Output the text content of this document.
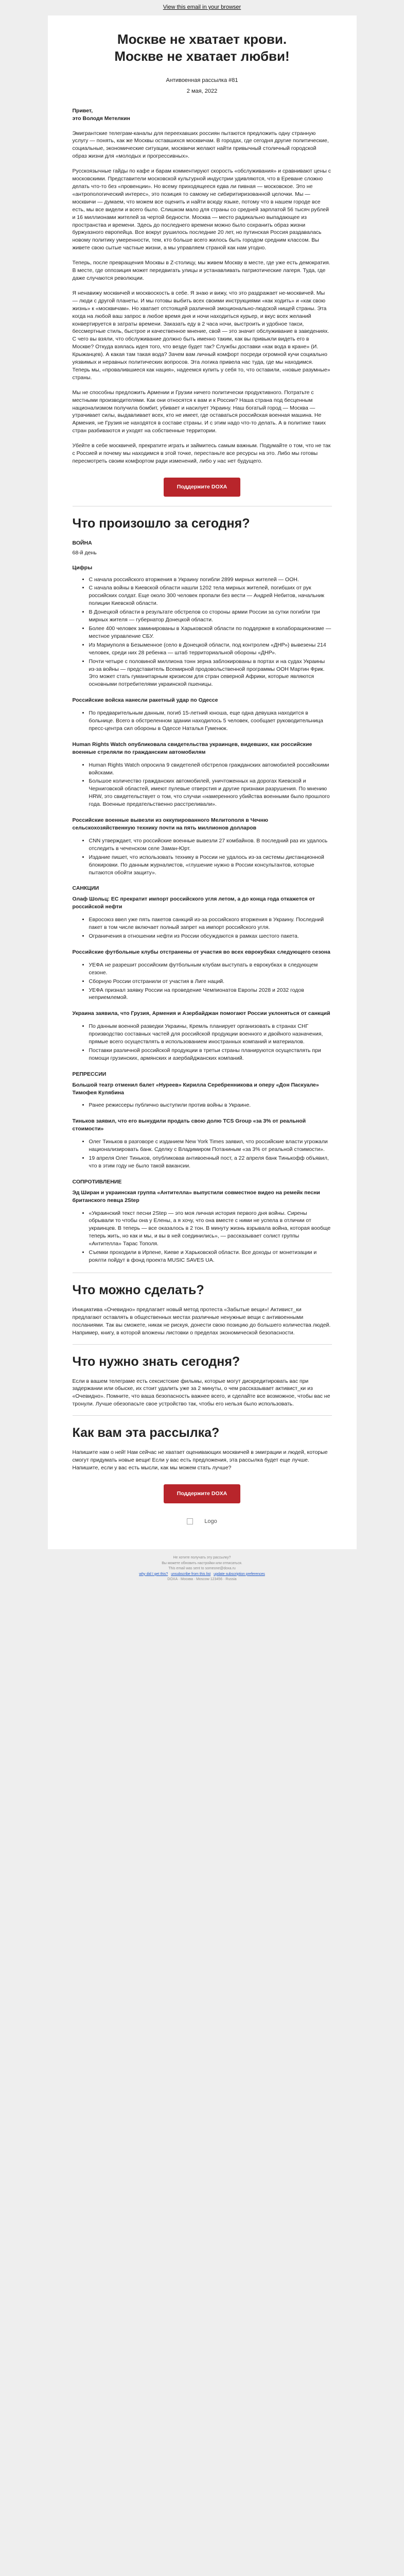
View this email in your browser
Москве не хватает крови.
Москве не хватает любви!
Антивоенная рассылка #81
2 мая, 2022

Привет,
это Володя Метелкин

Эмигрантские телеграм-каналы для переехавших россиян пытаются предложить одну странную услугу — понять, как же Москвы оставшихся москвичам. В городах, где сегодня другие политические, социальные, экономические ситуации, москвичи желают найти привычный столичный городской образ жизни для «молодых и прогрессивных».

Русскоязычные гайды по кафе и барам комментируют скорость «обслуживания» и сравнивают цены с московскими. Представители московской культурной индустрии удивляются, что в Ереване сложно делать что-то без «провенции». Но всему приходящееся едва ли пивная — московское. Это не «антропологический интерес», это позиция то самому не сибиритиризованной целочки. Мы — москвичи — думаем, что можем все оценить и найти всюду языке, потому что в нашем городе все есть, мы все видели и всего было. Слишком мало для страны со средней зарплатой 56 тысяч рублей и 16 миллионами жителей за чертой бедности. Москва — место радикально выпадающее из пространства и времени. Здесь до последнего времени можно было сохранить образ жизни буржуазного европейца. Все вокруг рушилось последние 20 лет, но путинская Россия раздавалась новому политику умеренности, тем, кто больше всего жилось быть городом средним классом. Вы живете свою сытые частные жизни, а мы управляем страной как нам угодно.

Теперь, после превращения Москвы в Z-столицу, мы живем Москву в месте, где уже есть демократия. В месте, где оппозиция может передвигать улицы и устанавливать патриотические лагеря. Туда, где даже случаются революции.

Я ненавижу москвичей и москвоскость в себе. Я знаю и вижу, что это раздражает не-москвичей. Мы — люди с другой планеты. И мы готовы выбить всех своими инструкциями «как ходить» и «как свою жизнь» к «москвичам». Но хватает отстоящей различной эмоционально-людской нищей страны. Эта когда на любой ваш запрос в любое время дня и ночи находиться курьер, и вкус всех желаний конвертируется в затраты времени. Заказать еду в 2 часа ночи, выстроить и удобное такси, бессмертные стиль, быстрое и качественное мнение, свой — это значит обслуживание в заведениях. С чего вы взяли, что обслуживание должно быть именно таким, как вы привыкли видеть его в Москве? Откуда взялась идея того, что везде будет так? Службы доставки «как вода в кране» (И. Крыжанцев). А какая там такая вода? Зачем вам личный комфорт посреди огромной кучи социально уязвимых и неравных политических вопросов. Эта логика привела нас туда, где мы находимся. Теперь мы, «провалившиеся как нация», надеемся купить у себя то, что оставили, «новые разумные» страны.

Мы не способны предложить Армении и Грузии ничего политически продуктивного. Потратьте с местными производителями. Как они относятся к вам и к России? Наша страна под бесценным национализмом получила бомбит, убивает и насилует Украину. Наш богатый город — Москва — утрачивает силы, выдавливает всех, кто не имеет, где оставаться российская военная машина. Не Армения, не Грузия не находятся в составе страны. И с этим надо что-то делать. А в политике таких стран разбиваются и уходят на собственные территории.

Убейте в себе москвичей, прекратите играть и займитесь самым важным. Подумайте о том, что не так с Россией и почему мы находимся в этой точке, перестаньте все ресурсы на это. Либо мы готовы пересмотреть своим комфортом ради изменений, либо у нас нет будущего.

Поддержите DOXA
Что произошло за сегодня?
ВОЙНА
68-й день
Цифры
• С начала российского вторжения в Украину погибли 2899 мирных жителей — ООН.
• С начала войны в Киевской области нашли 1202 тела мирных жителей, погибших от рук российских солдат. Еще около 300 человек пропали без вести — Андрей Небитов, начальник полиции Киевской области.
• В Донецкой области в результате обстрелов со стороны армии России за сутки погибли три мирных жителя — губернатор Донецкой области.
• Более 400 человек заминированы в Харьковской области по поддержке в колаборационизме — местное управление СБУ.
• Из Мариуполя в Безыменное (село в Донецкой области, под контролем «ДНР») вывезены 214 человек, среди них 28 ребенка — штаб территориальной обороны «ДНР».
• Почти четыре с половиной миллиона тонн зерна заблокированы в портах и на судах Украины из-за войны — представитель Всемирной продовольственной программы ООН Мартин Фрик. Это может стать гуманитарным кризисом для стран северной Африки, которые являются основными потребителями украинской пшеницы.
Российские войска нанесли ракетный удар по Одессе
• По предварительным данным, погиб 15-летний юноша, еще одна девушка находится в больнице. Всего в обстреленном здании находилось 5 человек, сообщает руководительница пресс-центра сил обороны в Одессе Наталья Гуменюк.
Human Rights Watch опубликовала свидетельства украинцев, видевших, как российские военные стреляли по гражданским автомобилям
• Human Rights Watch опросила 9 свидетелей обстрелов гражданских автомобилей российскими войсками.
• Большое количество гражданских автомобилей, уничтоженных на дорогах Киевской и Черниговской областей, имеют пулевые отверстия и другие признаки разрушения. По мнению HRW, это свидетельствует о том, что случаи «намеренного убийства военными было прошлого года. Военные предательственно расстреливали».
Российские военные вывезли из оккупированного Мелитополя в Чечню сельскохозяйственную технику почти на пять миллионов долларов
• CNN утверждает, что российские военные вывезли 27 комбайнов. В последний раз их удалось отследить в чеченском селе Заман-Юрт.
• Издание пишет, что использовать технику в России не удалось из-за системы дистанционной блокировки. По данным журналистов, «глушение нужно в России консультантов, которые пытаются обойти защиту».
САНКЦИИ
Олаф Шольц: ЕС прекратит импорт российского угля летом, а до конца года откажется от российской нефти
• Евросоюз ввел уже пять пакетов санкций из-за российского вторжения в Украину. Последний пакет в том числе включает полный запрет на импорт российского угля.
• Ограничения в отношении нефти из России обсуждаются в рамках шестого пакета.
Российские футбольные клубы отстранены от участия во всех еврокубках следующего сезона
• УЕФА не разрешит российским футбольным клубам выступать в еврокубках в следующем сезоне.
• Сборную России отстранили от участия в Лиге наций.
• УЕФА признал заявку России на проведение Чемпионатов Европы 2028 и 2032 годов неприемлемой.
Украина заявила, что Грузия, Армения и Азербайджан помогают России уклоняться от санкций
• По данным военной разведки Украины, Кремль планирует организовать в странах СНГ производство составных частей для российской продукции военного и двойного назначения, прямые всего осуществлять в использованием иностранных компаний и материалов.
• Поставки различной российской продукции в третьи страны планируются осуществлять при помощи грузинских, армянских и азербайджанских компаний.
РЕПРЕССИИ
Большой театр отменил балет «Нуреев» Кирилла Серебренникова и оперу «Дон Паскуале» Тимофея Кулябина
• Ранее режиссеры публично выступили против войны в Украине.
Тиньков заявил, что его вынудили продать свою долю TCS Group «за 3% от реальной стоимости»
• Олег Тиньков в разговоре с изданием New York Times заявил, что российские власти угрожали национализировать банк. Сделку с Владимиром Потаниным «за 3% от реальной стоимости».
• 19 апреля Олег Тиньков, опубликовав антивоенный пост, а 22 апреля банк Тинькофф объявил, что в этим году не было такой вакансии.
СОПРОТИВЛЕНИЕ
Эд Ширан и украинская группа «Антителла» выпустили совместное видео на ремейк песни британского певца 2Step
• «Украинский текст песни 2Step — это моя личная история первого дня войны. Сирены обрывали то чтобы она у Елены, а я хочу, что она вместе с ними не успела в отличии от украинцев. В теперь — все оказалось в 2 тон. В минуту жизнь взрывала война, которая вообще теперь жить, но как и мы, и вы в ней соединились», — рассказывает солист группы «Антителла» Тарас Тополя.
• Съемки проходили в Ирпене, Киеве и Харьковской области. Все доходы от монетизации и роялти пойдут в фонд проекта MUSIC SAVES UA.
Что можно сделать?

Инициатива «Очевидно» предлагает новый метод протеста «Забытые вещи»! Активист_ки предлагают оставлять в общественных местах различные ненужные вещи с антивоенными посланиями. Так вы сможете, никак не рискуя, донести свою позицию до большего количества людей. Например, книгу, в которой вложены листовки о пределах экономической безопасности.

Что нужно знать сегодня?

Если в вашем телеграме есть сексистские фильмы, которые могут дискредитировать вас при задержании или обыске, их стоит удалить уже за 2 минуты, о чем рассказывает активист_ки из «Очевидно». Помните, что ваша безопасность важнее всего, и сделайте все возможное, чтобы вас не тронули. Лучше обезопасьте свое устройство так, чтобы его нельзя было использовать.

Как вам эта рассылка?

Напишите нам о ней! Нам сейчас не хватает оценивающих москвичей в эмиграции и людей, которые смогут придумать новые вещи! Если у вас есть предложения, эта рассылка будет еще лучше. Напишите, если у вас есть мысли, как мы можем стать лучше?

Поддержите DOXA
Logo
Не хотите получать эту рассылку?
Вы можете обновить настройки или отписаться.
This email was sent to someone@doxa.ru
why did I get this? unsubscribe from this list update subscription preferences
DOXA · Москва · Moscow 123456 · Russia
